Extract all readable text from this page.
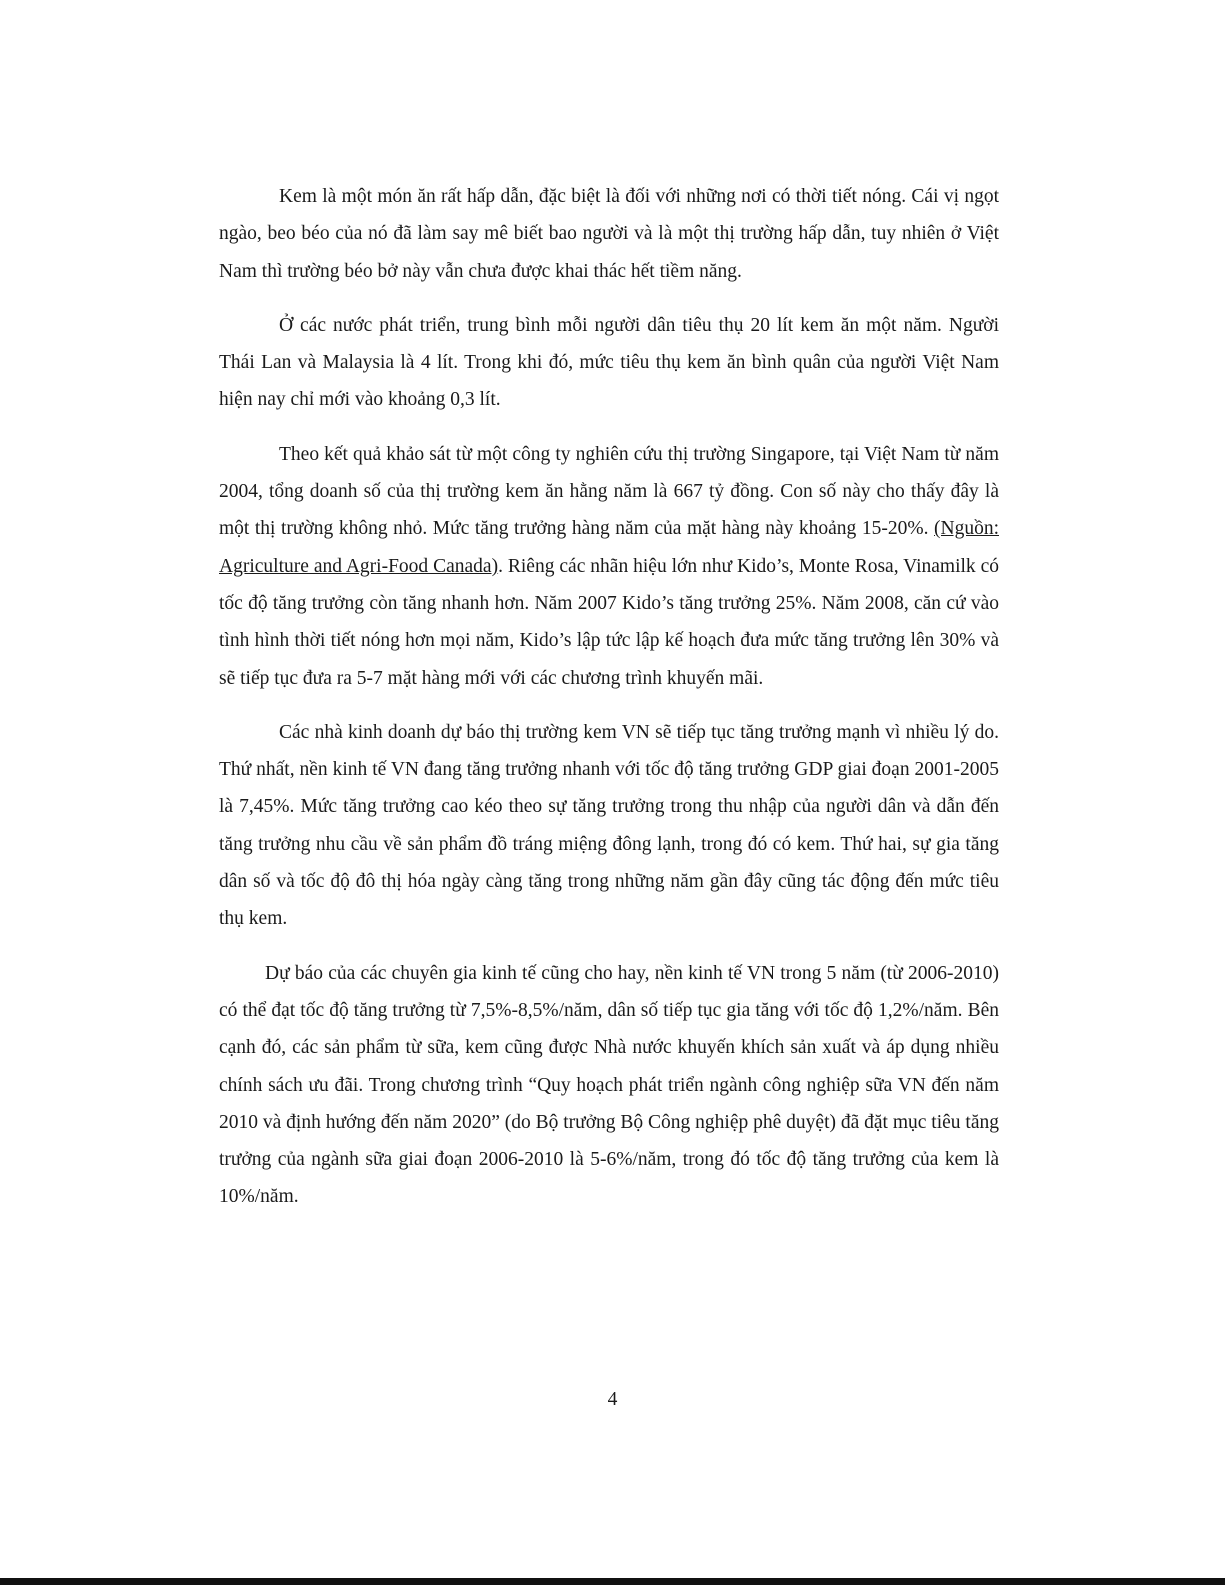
Kem là một món ăn rất hấp dẫn, đặc biệt là đối với những nơi có thời tiết nóng. Cái vị ngọt ngào, beo béo của nó đã làm say mê biết bao người và là một thị trường hấp dẫn, tuy nhiên ở Việt Nam thì trường béo bở này vẫn chưa được khai thác hết tiềm năng.

Ở các nước phát triển, trung bình mỗi người dân tiêu thụ 20 lít kem ăn một năm. Người Thái Lan và Malaysia là 4 lít. Trong khi đó, mức tiêu thụ kem ăn bình quân của người Việt Nam hiện nay chỉ mới vào khoảng 0,3 lít.

Theo kết quả khảo sát từ một công ty nghiên cứu thị trường Singapore, tại Việt Nam từ năm 2004, tổng doanh số của thị trường kem ăn hằng năm là 667 tỷ đồng. Con số này cho thấy đây là một thị trường không nhỏ. Mức tăng trưởng hàng năm của mặt hàng này khoảng 15-20%. (Nguồn: Agriculture and Agri-Food Canada). Riêng các nhãn hiệu lớn như Kido’s, Monte Rosa, Vinamilk có tốc độ tăng trưởng còn tăng nhanh hơn. Năm 2007 Kido’s tăng trưởng 25%. Năm 2008, căn cứ vào tình hình thời tiết nóng hơn mọi năm, Kido’s lập tức lập kế hoạch đưa mức tăng trưởng lên 30% và sẽ tiếp tục đưa ra 5-7 mặt hàng mới với các chương trình khuyến mãi.

Các nhà kinh doanh dự báo thị trường kem VN sẽ tiếp tục tăng trưởng mạnh vì nhiều lý do. Thứ nhất, nền kinh tế VN đang tăng trưởng nhanh với tốc độ tăng trưởng GDP giai đoạn 2001-2005 là 7,45%. Mức tăng trưởng cao kéo theo sự tăng trưởng trong thu nhập của người dân và dẫn đến tăng trưởng nhu cầu về sản phẩm đồ tráng miệng đông lạnh, trong đó có kem. Thứ hai, sự gia tăng dân số và tốc độ đô thị hóa ngày càng tăng trong những năm gần đây cũng tác động đến mức tiêu thụ kem.

Dự báo của các chuyên gia kinh tế cũng cho hay, nền kinh tế VN trong 5 năm (từ 2006-2010) có thể đạt tốc độ tăng trưởng từ 7,5%-8,5%/năm, dân số tiếp tục gia tăng với tốc độ 1,2%/năm. Bên cạnh đó, các sản phẩm từ sữa, kem cũng được Nhà nước khuyến khích sản xuất và áp dụng nhiều chính sách ưu đãi. Trong chương trình “Quy hoạch phát triển ngành công nghiệp sữa VN đến năm 2010 và định hướng đến năm 2020” (do Bộ trưởng Bộ Công nghiệp phê duyệt) đã đặt mục tiêu tăng trưởng của ngành sữa giai đoạn 2006-2010 là 5-6%/năm, trong đó tốc độ tăng trưởng của kem là 10%/năm.

4
